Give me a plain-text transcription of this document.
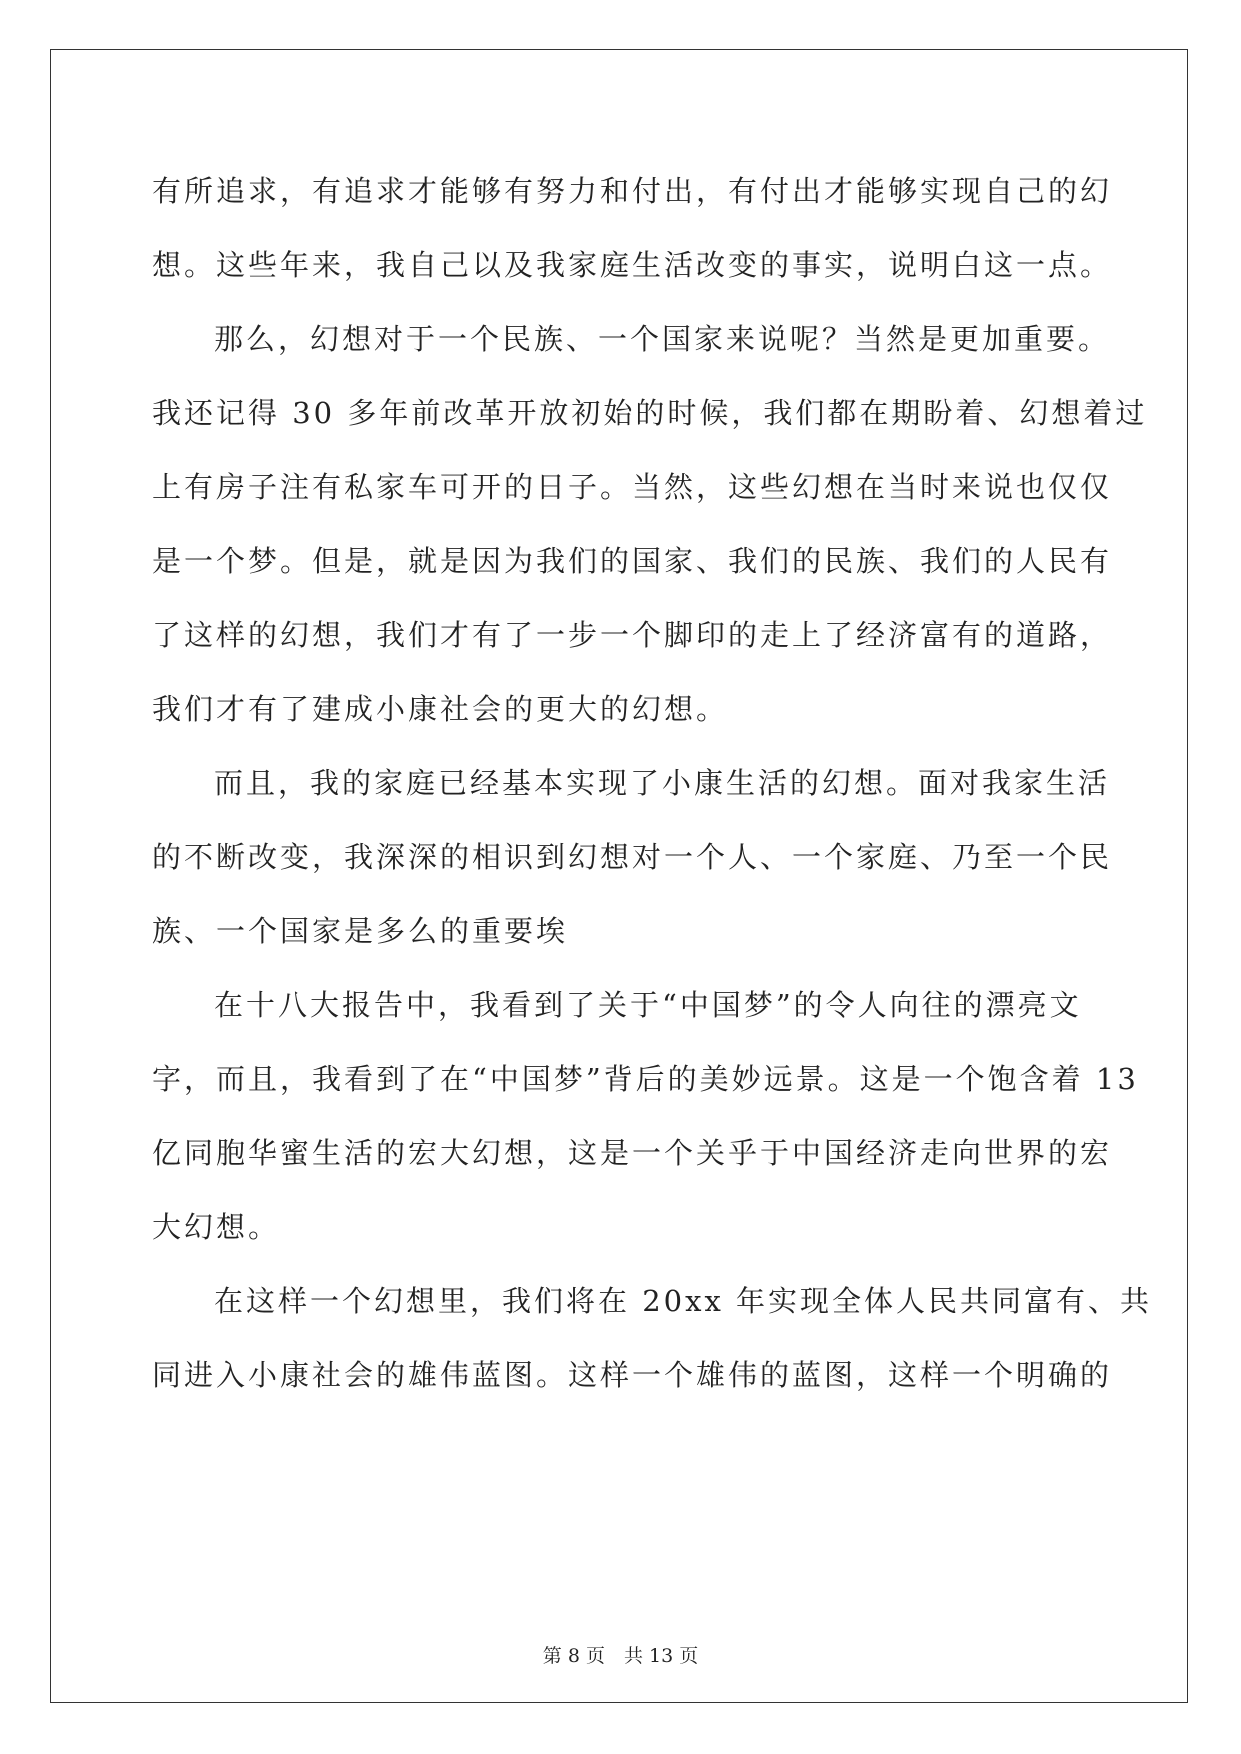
有所追求，有追求才能够有努力和付出，有付出才能够实现自己的幻
想。这些年来，我自己以及我家庭生活改变的事实，说明白这一点。
那么，幻想对于一个民族、一个国家来说呢？当然是更加重要。
我还记得 30 多年前改革开放初始的时候，我们都在期盼着、幻想着过
上有房子注有私家车可开的日子。当然，这些幻想在当时来说也仅仅
是一个梦。但是，就是因为我们的国家、我们的民族、我们的人民有
了这样的幻想，我们才有了一步一个脚印的走上了经济富有的道路，
我们才有了建成小康社会的更大的幻想。
而且，我的家庭已经基本实现了小康生活的幻想。面对我家生活
的不断改变，我深深的相识到幻想对一个人、一个家庭、乃至一个民
族、一个国家是多么的重要埃
在十八大报告中，我看到了关于“中国梦”的令人向往的漂亮文
字，而且，我看到了在“中国梦”背后的美妙远景。这是一个饱含着 13
亿同胞华蜜生活的宏大幻想，这是一个关乎于中国经济走向世界的宏
大幻想。
在这样一个幻想里，我们将在 20xx 年实现全体人民共同富有、共
同进入小康社会的雄伟蓝图。这样一个雄伟的蓝图，这样一个明确的
第 8 页　共 13 页
